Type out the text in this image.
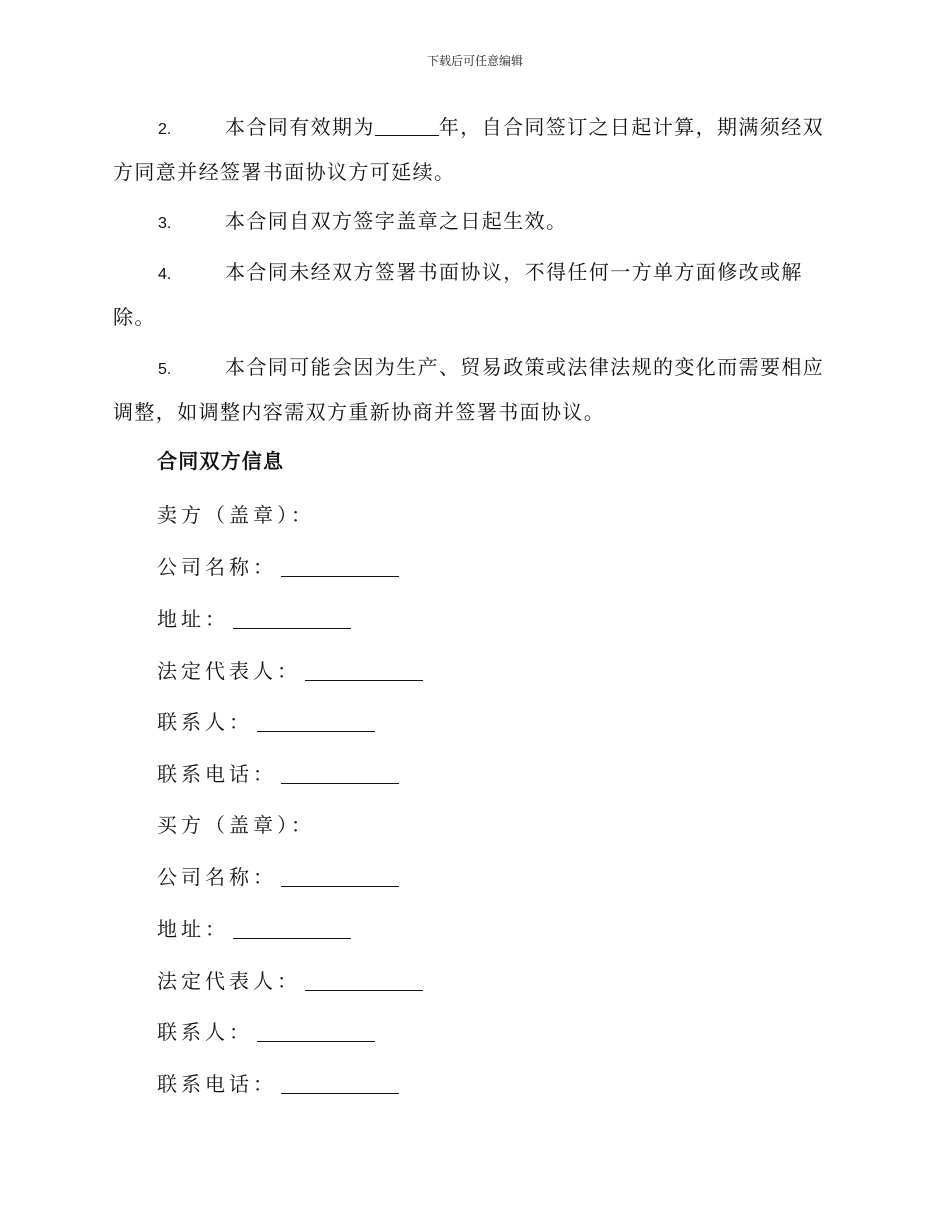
下载后可任意编辑
2.	本合同有效期为	年，自合同签订之日起计算，期满须经双方同意并经签署书面协议方可延续。
3.	本合同自双方签字盖章之日起生效。
4.	本合同未经双方签署书面协议，不得任何一方单方面修改或解除。
5.	本合同可能会因为生产、贸易政策或法律法规的变化而需要相应调整，如调整内容需双方重新协商并签署书面协议。
合同双方信息
卖方（盖章）：
公司名称：
地址：
法定代表人：
联系人：
联系电话：
买方（盖章）：
公司名称：
地址：
法定代表人：
联系人：
联系电话：
